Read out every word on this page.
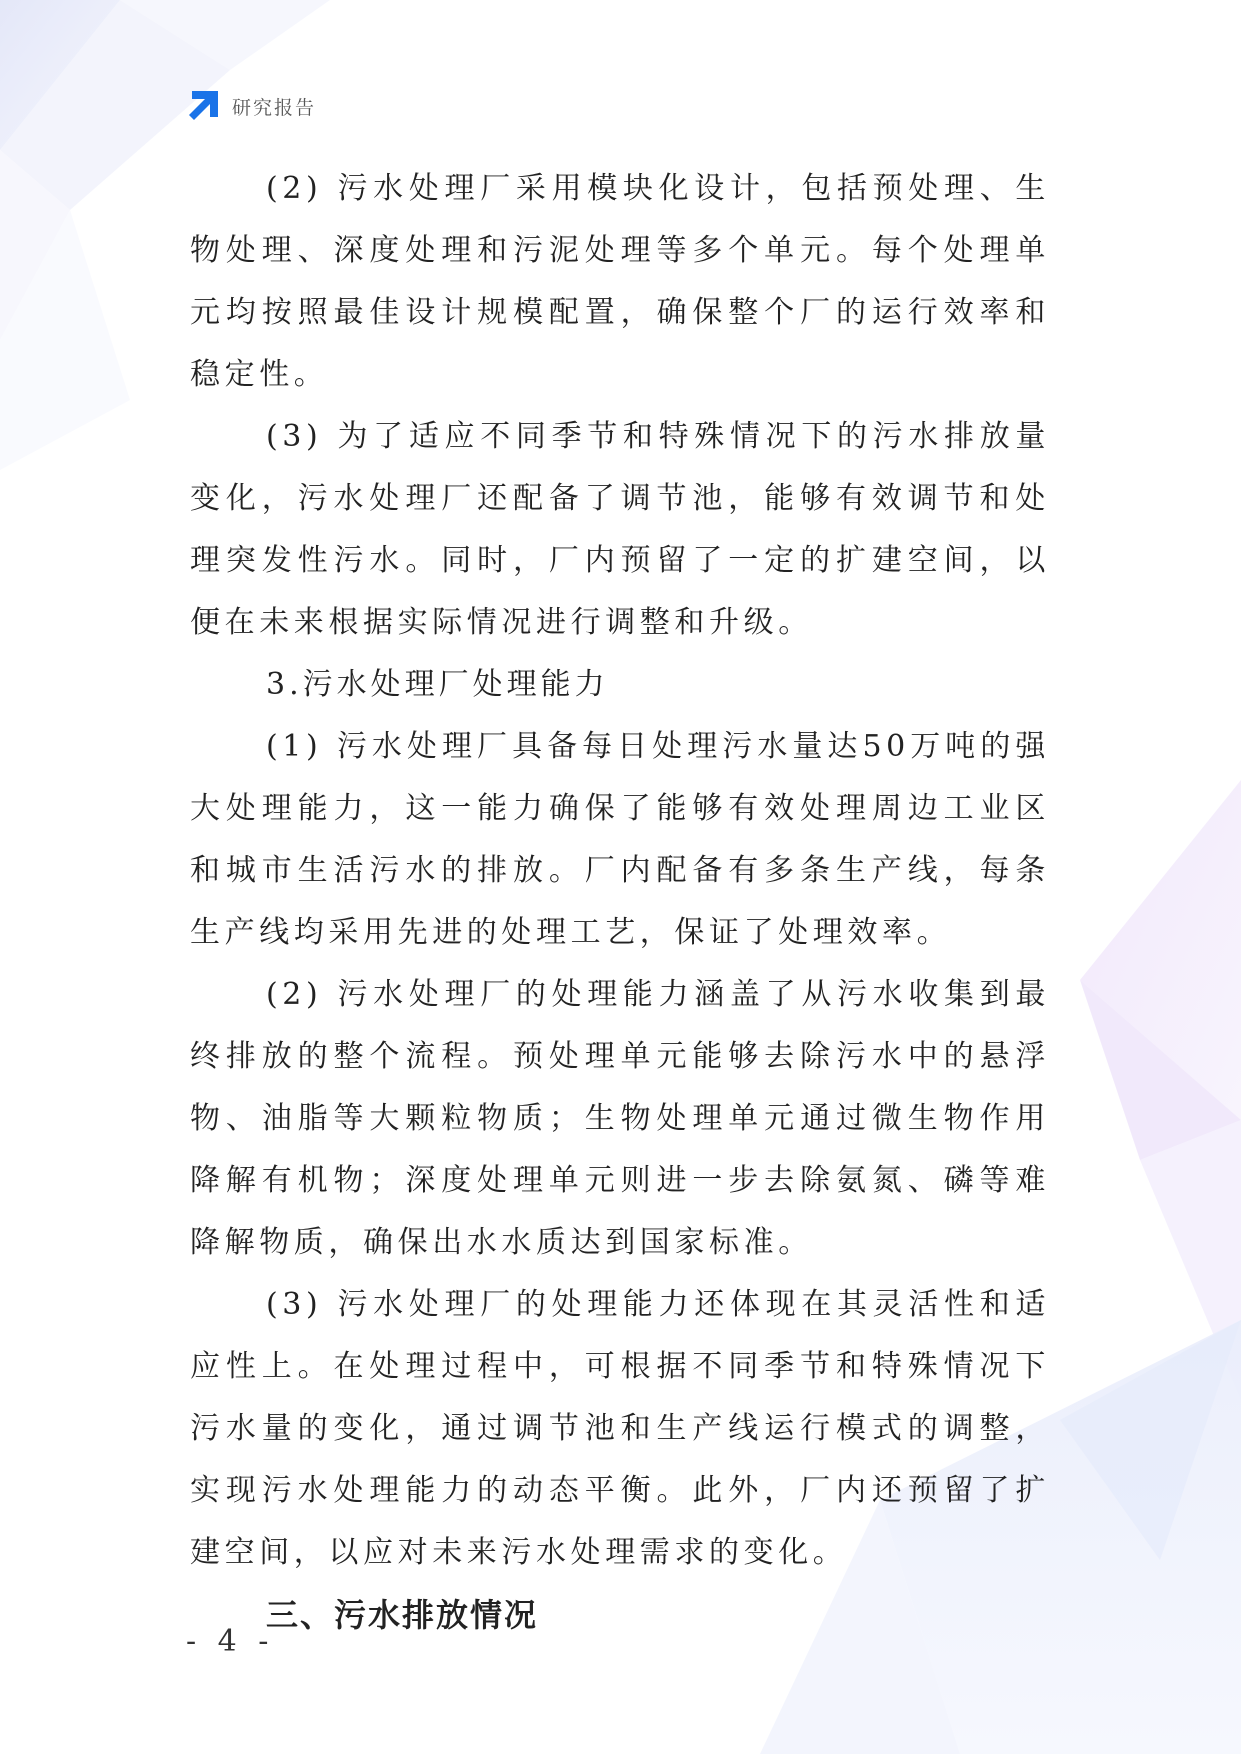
研究报告

(2) 污水处理厂采用模块化设计，包括预处理、生物处理、深度处理和污泥处理等多个单元。每个处理单元均按照最佳设计规模配置，确保整个厂的运行效率和稳定性。

(3) 为了适应不同季节和特殊情况下的污水排放量变化，污水处理厂还配备了调节池，能够有效调节和处理突发性污水。同时，厂内预留了一定的扩建空间，以便在未来根据实际情况进行调整和升级。

3.污水处理厂处理能力

(1) 污水处理厂具备每日处理污水量达50万吨的强大处理能力，这一能力确保了能够有效处理周边工业区和城市生活污水的排放。厂内配备有多条生产线，每条生产线均采用先进的处理工艺，保证了处理效率。

(2) 污水处理厂的处理能力涵盖了从污水收集到最终排放的整个流程。预处理单元能够去除污水中的悬浮物、油脂等大颗粒物质；生物处理单元通过微生物作用降解有机物；深度处理单元则进一步去除氨氮、磷等难降解物质，确保出水水质达到国家标准。

(3) 污水处理厂的处理能力还体现在其灵活性和适应性上。在处理过程中，可根据不同季节和特殊情况下污水量的变化，通过调节池和生产线运行模式的调整，实现污水处理能力的动态平衡。此外，厂内还预留了扩建空间，以应对未来污水处理需求的变化。

三、污水排放情况

- 4 -
